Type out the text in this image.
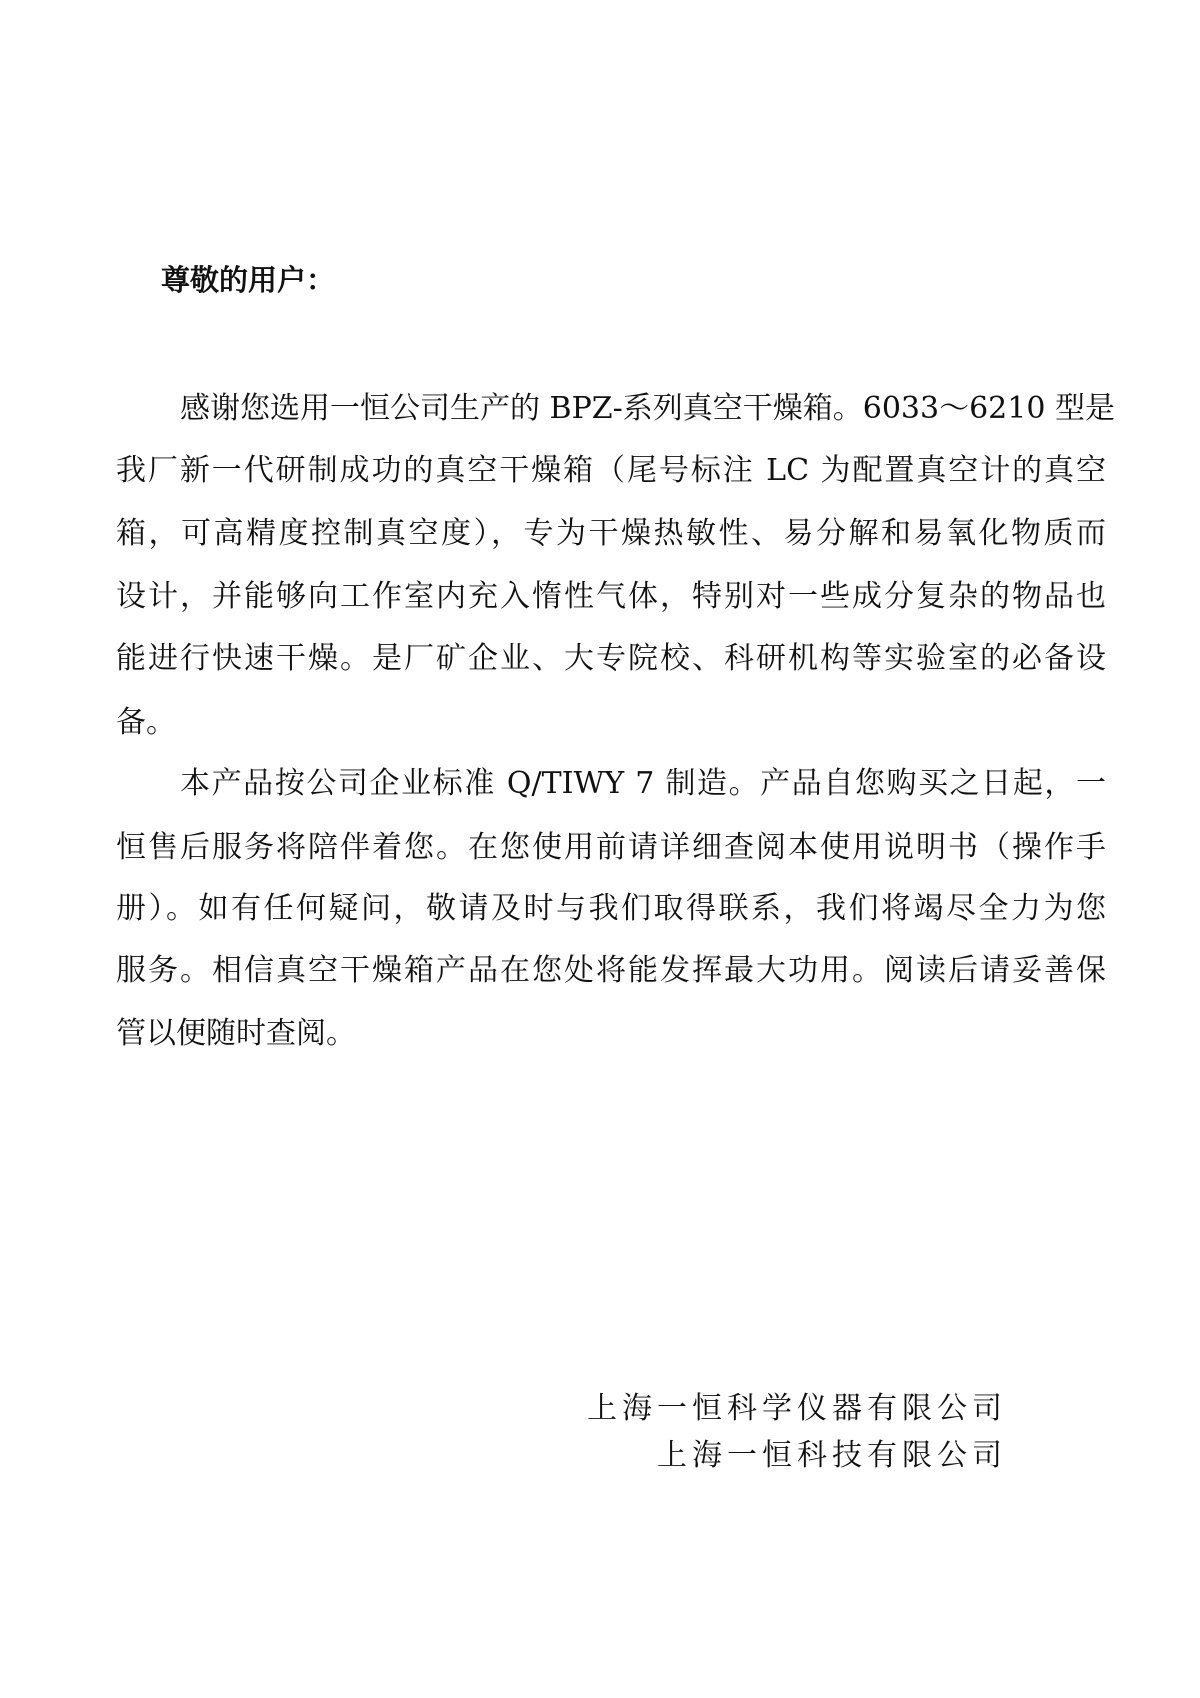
尊敬的用户：
感谢您选用一恒公司生产的 BPZ-系列真空干燥箱。6033～6210 型是
我厂新一代研制成功的真空干燥箱（尾号标注 LC 为配置真空计的真空
箱，可高精度控制真空度），专为干燥热敏性、易分解和易氧化物质而
设计，并能够向工作室内充入惰性气体，特别对一些成分复杂的物品也
能进行快速干燥。是厂矿企业、大专院校、科研机构等实验室的必备设
备。
本产品按公司企业标准 Q/TIWY 7 制造。产品自您购买之日起，一
恒售后服务将陪伴着您。在您使用前请详细查阅本使用说明书（操作手
册）。如有任何疑问，敬请及时与我们取得联系，我们将竭尽全力为您
服务。相信真空干燥箱产品在您处将能发挥最大功用。阅读后请妥善保
管以便随时查阅。
上海一恒科学仪器有限公司
上海一恒科技有限公司
